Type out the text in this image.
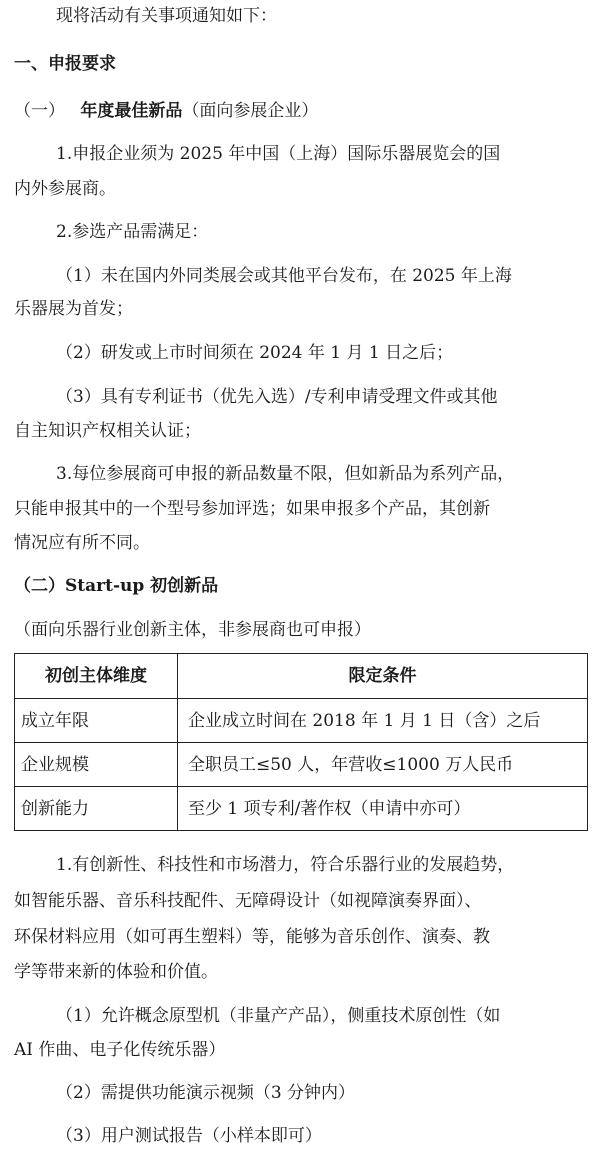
现将活动有关事项通知如下：
一、申报要求
（一） 年度最佳新品（面向参展企业）
1.申报企业须为 2025 年中国（上海）国际乐器展览会的国
内外参展商。
2.参选产品需满足：
（1）未在国内外同类展会或其他平台发布，在 2025 年上海
乐器展为首发；
（2）研发或上市时间须在 2024 年 1 月 1 日之后；
（3）具有专利证书（优先入选）/专利申请受理文件或其他
自主知识产权相关认证；
3.每位参展商可申报的新品数量不限，但如新品为系列产品，
只能申报其中的一个型号参加评选；如果申报多个产品，其创新
情况应有所不同。
（二）Start-up 初创新品
（面向乐器行业创新主体，非参展商也可申报）
初创主体维度	限定条件
成立年限	企业成立时间在 2018 年 1 月 1 日（含）之后
企业规模	全职员工≤50 人，年营收≤1000 万人民币
创新能力	至少 1 项专利/著作权（申请中亦可）
1.有创新性、科技性和市场潜力，符合乐器行业的发展趋势，
如智能乐器、音乐科技配件、无障碍设计（如视障演奏界面）、
环保材料应用（如可再生塑料）等，能够为音乐创作、演奏、教
学等带来新的体验和价值。
（1）允许概念原型机（非量产产品），侧重技术原创性（如
AI 作曲、电子化传统乐器）
（2）需提供功能演示视频（3 分钟内）
（3）用户测试报告（小样本即可）
